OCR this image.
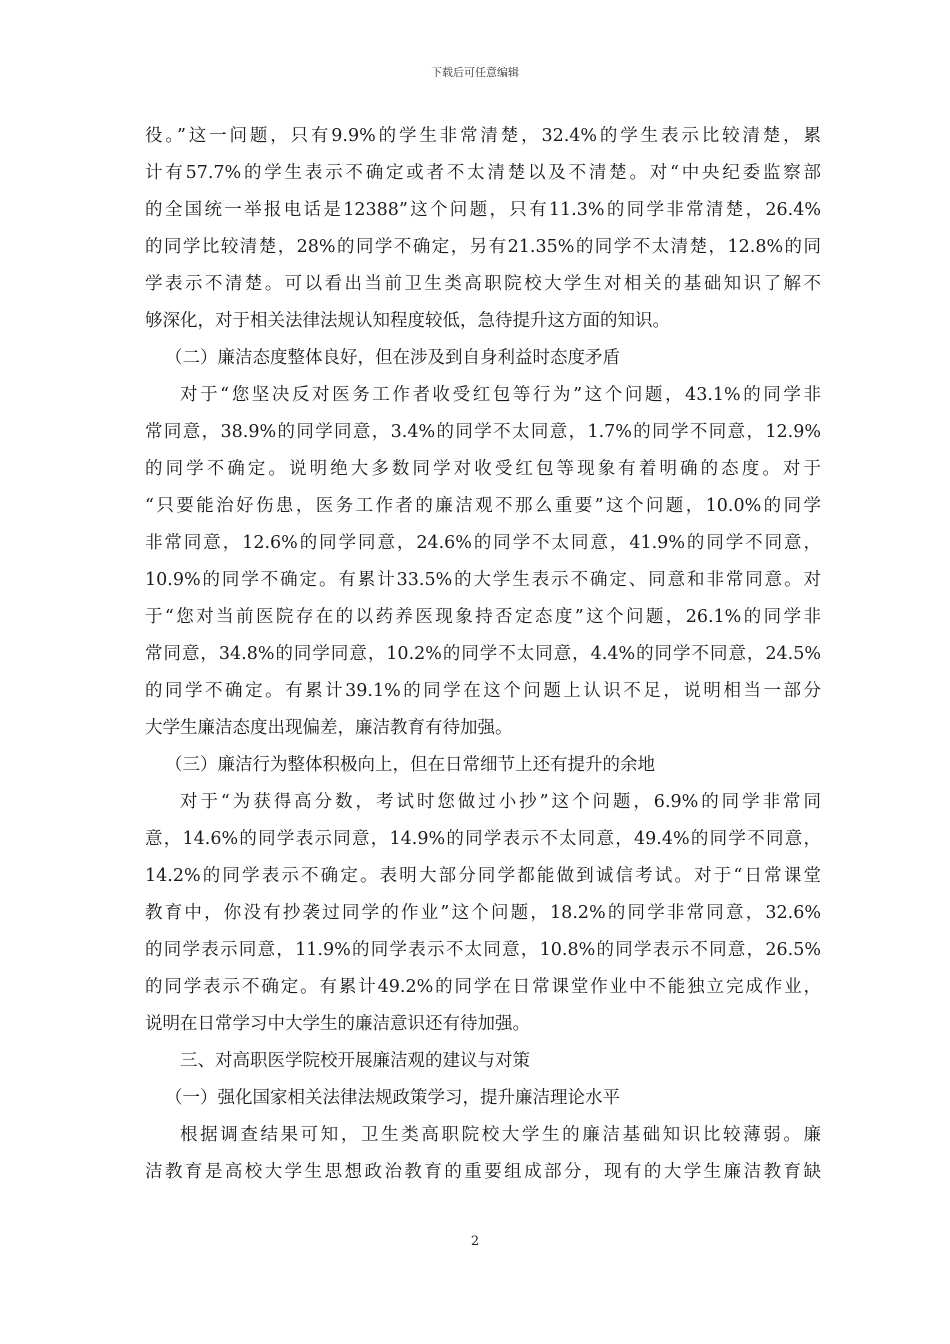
下载后可任意编辑
役。”这一问题，只有9.9%的学生非常清楚，32.4%的学生表示比较清楚，累
计有57.7%的学生表示不确定或者不太清楚以及不清楚。对“中央纪委监察部
的全国统一举报电话是12388”这个问题，只有11.3%的同学非常清楚，26.4%
的同学比较清楚，28%的同学不确定，另有21.35%的同学不太清楚，12.8%的同
学表示不清楚。可以看出当前卫生类高职院校大学生对相关的基础知识了解不
够深化，对于相关法律法规认知程度较低，急待提升这方面的知识。
（二）廉洁态度整体良好，但在涉及到自身利益时态度矛盾
对于“您坚决反对医务工作者收受红包等行为”这个问题，43.1%的同学非
常同意，38.9%的同学同意，3.4%的同学不太同意，1.7%的同学不同意，12.9%
的同学不确定。说明绝大多数同学对收受红包等现象有着明确的态度。对于
“只要能治好伤患，医务工作者的廉洁观不那么重要”这个问题，10.0%的同学
非常同意，12.6%的同学同意，24.6%的同学不太同意，41.9%的同学不同意，
10.9%的同学不确定。有累计33.5%的大学生表示不确定、同意和非常同意。对
于“您对当前医院存在的以药养医现象持否定态度”这个问题，26.1%的同学非
常同意，34.8%的同学同意，10.2%的同学不太同意，4.4%的同学不同意，24.5%
的同学不确定。有累计39.1%的同学在这个问题上认识不足，说明相当一部分
大学生廉洁态度出现偏差，廉洁教育有待加强。
（三）廉洁行为整体积极向上，但在日常细节上还有提升的余地
对于“为获得高分数，考试时您做过小抄”这个问题，6.9%的同学非常同
意，14.6%的同学表示同意，14.9%的同学表示不太同意，49.4%的同学不同意，
14.2%的同学表示不确定。表明大部分同学都能做到诚信考试。对于“日常课堂
教育中，你没有抄袭过同学的作业”这个问题，18.2%的同学非常同意，32.6%
的同学表示同意，11.9%的同学表示不太同意，10.8%的同学表示不同意，26.5%
的同学表示不确定。有累计49.2%的同学在日常课堂作业中不能独立完成作业，
说明在日常学习中大学生的廉洁意识还有待加强。
三、对高职医学院校开展廉洁观的建议与对策
（一）强化国家相关法律法规政策学习，提升廉洁理论水平
根据调查结果可知，卫生类高职院校大学生的廉洁基础知识比较薄弱。廉
洁教育是高校大学生思想政治教育的重要组成部分，现有的大学生廉洁教育缺
2
